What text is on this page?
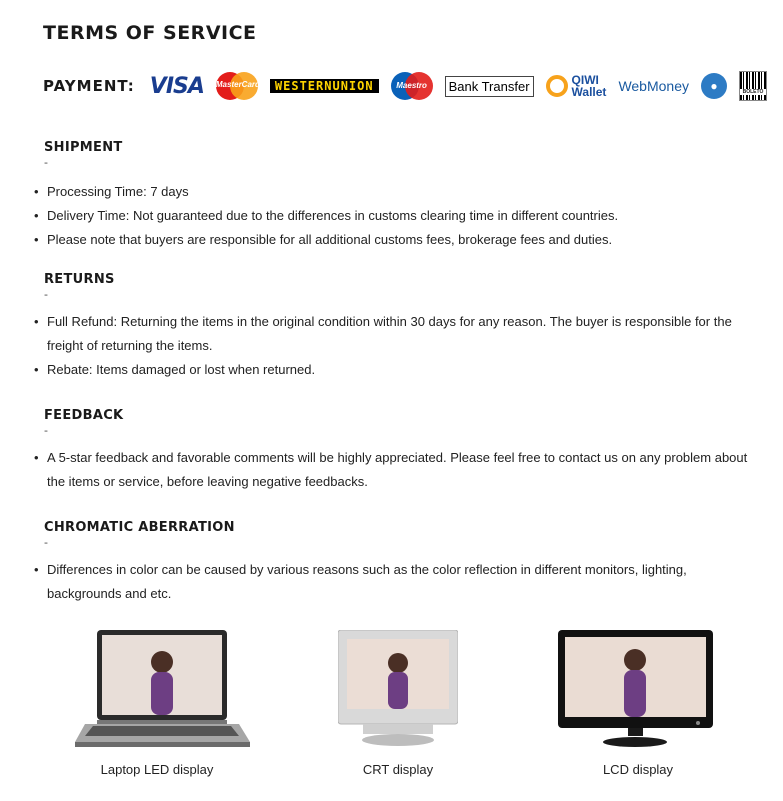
TERMS OF SERVICE
PAYMENT: VISA MasterCard WESTERN UNION	Maestro	Bank Transfer	QIWI
Wallet WebMoney	●	BOLETO
SHIPMENT
-
• Processing Time: 7 days
• Delivery Time: Not guaranteed due to the differences in customs clearing time in different countries.
• Please note that buyers are responsible for all additional customs fees, brokerage fees and duties.
RETURNS
-
• Full Refund: Returning the items in the original condition within 30 days for any reason. The buyer is responsible for the freight of returning the items.
• Rebate: Items damaged or lost when returned.
FEEDBACK
-
• A 5-star feedback and favorable comments will be highly appreciated. Please feel free to contact us on any problem about the items or service, before leaving negative feedbacks.
CHROMATIC ABERRATION
-
• Differences in color can be caused by various reasons such as the color reflection in different monitors, lighting, backgrounds and etc.
Laptop LED display	CRT display	LCD display
